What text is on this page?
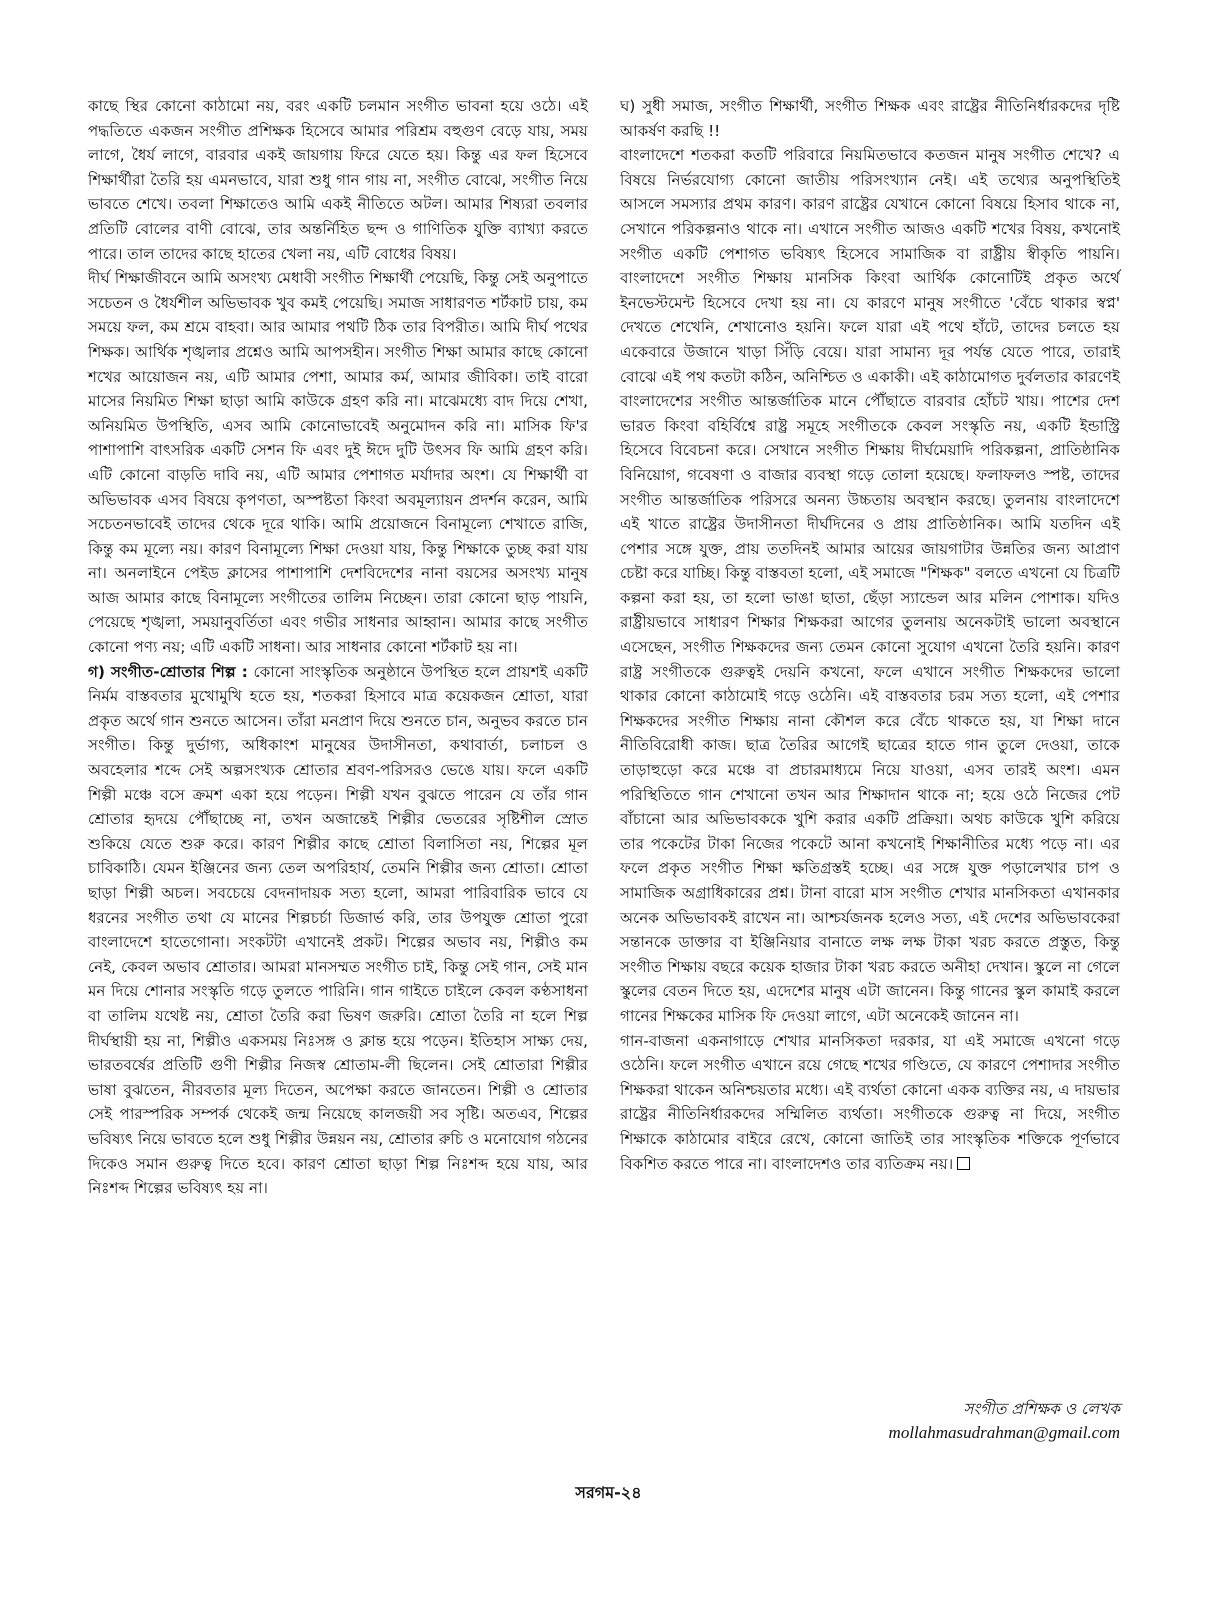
কাছে স্থির কোনো কাঠামো নয়, বরং একটি চলমান সংগীত ভাবনা হয়ে ওঠে। এই পদ্ধতিতে একজন সংগীত প্রশিক্ষক হিসেবে আমার পরিশ্রম বহুগুণ বেড়ে যায়, সময় লাগে, ধৈর্য লাগে, বারবার একই জায়গায় ফিরে যেতে হয়। কিন্তু এর ফল হিসেবে শিক্ষার্থীরা তৈরি হয় এমনভাবে, যারা শুধু গান গায় না, সংগীত বোঝে, সংগীত নিয়ে ভাবতে শেখে। তবলা শিক্ষাতেও আমি একই নীতিতে অটল। আমার শিষ্যরা তবলার প্রতিটি বোলের বাণী বোঝে, তার অন্তর্নিহিত ছন্দ ও গাণিতিক যুক্তি ব্যাখ্যা করতে পারে। তাল তাদের কাছে হাতের খেলা নয়, এটি বোধের বিষয়।

দীর্ঘ শিক্ষাজীবনে আমি অসংখ্য মেধাবী সংগীত শিক্ষার্থী পেয়েছি, কিন্তু সেই অনুপাতে সচেতন ও ধৈর্যশীল অভিভাবক খুব কমই পেয়েছি। সমাজ সাধারণত শর্টকাট চায়, কম সময়ে ফল, কম শ্রমে বাহবা। আর আমার পথটি ঠিক তার বিপরীত। আমি দীর্ঘ পথের শিক্ষক। আর্থিক শৃঙ্খলার প্রশ্নেও আমি আপসহীন। সংগীত শিক্ষা আমার কাছে কোনো শখের আয়োজন নয়, এটি আমার পেশা, আমার কর্ম, আমার জীবিকা। তাই বারো মাসের নিয়মিত শিক্ষা ছাড়া আমি কাউকে গ্রহণ করি না। মাঝেমধ্যে বাদ দিয়ে শেখা, অনিয়মিত উপস্থিতি, এসব আমি কোনোভাবেই অনুমোদন করি না। মাসিক ফি'র পাশাপাশি বাৎসরিক একটি সেশন ফি এবং দুই ঈদে দুটি উৎসব ফি আমি গ্রহণ করি। এটি কোনো বাড়তি দাবি নয়, এটি আমার পেশাগত মর্যাদার অংশ। যে শিক্ষার্থী বা অভিভাবক এসব বিষয়ে কৃপণতা, অস্পষ্টতা কিংবা অবমূল্যায়ন প্রদর্শন করেন, আমি সচেতনভাবেই তাদের থেকে দূরে থাকি। আমি প্রয়োজনে বিনামূল্যে শেখাতে রাজি, কিন্তু কম মূল্যে নয়। কারণ বিনামূল্যে শিক্ষা দেওয়া যায়, কিন্তু শিক্ষাকে তুচ্ছ করা যায় না। অনলাইনে পেইড ক্লাসের পাশাপাশি দেশবিদেশের নানা বয়সের অসংখ্য মানুষ আজ আমার কাছে বিনামূল্যে সংগীতের তালিম নিচ্ছেন। তারা কোনো ছাড় পায়নি, পেয়েছে শৃঙ্খলা, সময়ানুবর্তিতা এবং গভীর সাধনার আহ্বান। আমার কাছে সংগীত কোনো পণ্য নয়; এটি একটি সাধনা। আর সাধনার কোনো শর্টকাট হয় না।

গ) সংগীত-শ্রোতার শিল্প : কোনো সাংস্কৃতিক অনুষ্ঠানে উপস্থিত হলে প্রায়শই একটি নির্মম বাস্তবতার মুখোমুখি হতে হয়, শতকরা হিসাবে মাত্র কয়েকজন শ্রোতা, যারা প্রকৃত অর্থে গান শুনতে আসেন। তাঁরা মনপ্রাণ দিয়ে শুনতে চান, অনুভব করতে চান সংগীত। কিন্তু দুর্ভাগ্য, অধিকাংশ মানুষের উদাসীনতা, কথাবার্তা, চলাচল ও অবহেলার শব্দে সেই অল্পসংখ্যক শ্রোতার শ্রবণ-পরিসরও ভেঙে যায়। ফলে একটি শিল্পী মঞ্চে বসে ক্রমশ একা হয়ে পড়েন। শিল্পী যখন বুঝতে পারেন যে তাঁর গান শ্রোতার হৃদয়ে পৌঁছাচ্ছে না, তখন অজান্তেই শিল্পীর ভেতরের সৃষ্টিশীল স্রোত শুকিয়ে যেতে শুরু করে। কারণ শিল্পীর কাছে শ্রোতা বিলাসিতা নয়, শিল্পের মূল চাবিকাঠি। যেমন ইঞ্জিনের জন্য তেল অপরিহার্য, তেমনি শিল্পীর জন্য শ্রোতা। শ্রোতা ছাড়া শিল্পী অচল। সবচেয়ে বেদনাদায়ক সত্য হলো, আমরা পারিবারিক ভাবে যে ধরনের সংগীত তথা যে মানের শিল্পচর্চা ডিজার্ভ করি, তার উপযুক্ত শ্রোতা পুরো বাংলাদেশে হাতেগোনা। সংকটটা এখানেই প্রকট। শিল্পের অভাব নয়, শিল্পীও কম নেই, কেবল অভাব শ্রোতার। আমরা মানসম্মত সংগীত চাই, কিন্তু সেই গান, সেই মান মন দিয়ে শোনার সংস্কৃতি গড়ে তুলতে পারিনি। গান গাইতে চাইলে কেবল কণ্ঠসাধনা বা তালিম যথেষ্ট নয়, শ্রোতা তৈরি করা ভিষণ জরুরি। শ্রোতা তৈরি না হলে শিল্প দীর্ঘস্থায়ী হয় না, শিল্পীও একসময় নিঃসঙ্গ ও ক্লান্ত হয়ে পড়েন। ইতিহাস সাক্ষ্য দেয়, ভারতবর্ষের প্রতিটি গুণী শিল্পীর নিজস্ব শ্রোতাম-লী ছিলেন। সেই শ্রোতারা শিল্পীর ভাষা বুঝতেন, নীরবতার মূল্য দিতেন, অপেক্ষা করতে জানতেন। শিল্পী ও শ্রোতার সেই পারস্পরিক সম্পর্ক থেকেই জন্ম নিয়েছে কালজয়ী সব সৃষ্টি। অতএব, শিল্পের ভবিষ্যৎ নিয়ে ভাবতে হলে শুধু শিল্পীর উন্নয়ন নয়, শ্রোতার রুচি ও মনোযোগ গঠনের দিকেও সমান গুরুত্ব দিতে হবে। কারণ শ্রোতা ছাড়া শিল্প নিঃশব্দ হয়ে যায়, আর নিঃশব্দ শিল্পের ভবিষ্যৎ হয় না।

ঘ) সুধী সমাজ, সংগীত শিক্ষার্থী, সংগীত শিক্ষক এবং রাষ্ট্রের নীতিনির্ধারকদের দৃষ্টি আকর্ষণ করছি !!

বাংলাদেশে শতকরা কতটি পরিবারে নিয়মিতভাবে কতজন মানুষ সংগীত শেখে? এ বিষয়ে নির্ভরযোগ্য কোনো জাতীয় পরিসংখ্যান নেই। এই তথ্যের অনুপস্থিতিই আসলে সমস্যার প্রথম কারণ। কারণ রাষ্ট্রের যেখানে কোনো বিষয়ে হিসাব থাকে না, সেখানে পরিকল্পনাও থাকে না। এখানে সংগীত আজও একটি শখের বিষয়, কখনোই সংগীত একটি পেশাগত ভবিষ্যৎ হিসেবে সামাজিক বা রাষ্ট্রীয় স্বীকৃতি পায়নি। বাংলাদেশে সংগীত শিক্ষায় মানসিক কিংবা আর্থিক কোনোটিই প্রকৃত অর্থে ইনভেস্টমেন্ট হিসেবে দেখা হয় না। যে কারণে মানুষ সংগীতে 'বেঁচে থাকার স্বপ্ন' দেখতে শেখেনি, শেখানোও হয়নি। ফলে যারা এই পথে হাঁটে, তাদের চলতে হয় একেবারে উজানে খাড়া সিঁড়ি বেয়ে। যারা সামান্য দূর পর্যন্ত যেতে পারে, তারাই বোঝে এই পথ কতটা কঠিন, অনিশ্চিত ও একাকী। এই কাঠামোগত দুর্বলতার কারণেই বাংলাদেশের সংগীত আন্তর্জাতিক মানে পৌঁছাতে বারবার হোঁচট খায়। পাশের দেশ ভারত কিংবা বহির্বিশ্বে রাষ্ট্র সমূহে সংগীতকে কেবল সংস্কৃতি নয়, একটি ইন্ডাস্ট্রি হিসেবে বিবেচনা করে। সেখানে সংগীত শিক্ষায় দীর্ঘমেয়াদি পরিকল্পনা, প্রাতিষ্ঠানিক বিনিয়োগ, গবেষণা ও বাজার ব্যবস্থা গড়ে তোলা হয়েছে। ফলাফলও স্পষ্ট, তাদের সংগীত আন্তর্জাতিক পরিসরে অনন্য উচ্চতায় অবস্থান করছে। তুলনায় বাংলাদেশে এই খাতে রাষ্ট্রের উদাসীনতা দীর্ঘদিনের ও প্রায় প্রাতিষ্ঠানিক। আমি যতদিন এই পেশার সঙ্গে যুক্ত, প্রায় ততদিনই আমার আয়ের জায়গাটার উন্নতির জন্য আপ্রাণ চেষ্টা করে যাচ্ছি। কিন্তু বাস্তবতা হলো, এই সমাজে "শিক্ষক" বলতে এখনো যে চিত্রটি কল্পনা করা হয়, তা হলো ভাঙা ছাতা, ছেঁড়া স্যান্ডেল আর মলিন পোশাক। যদিও রাষ্ট্রীয়ভাবে সাধারণ শিক্ষার শিক্ষকরা আগের তুলনায় অনেকটাই ভালো অবস্থানে এসেছেন, সংগীত শিক্ষকদের জন্য তেমন কোনো সুযোগ এখনো তৈরি হয়নি। কারণ রাষ্ট্র সংগীতকে গুরুত্বই দেয়নি কখনো, ফলে এখানে সংগীত শিক্ষকদের ভালো থাকার কোনো কাঠামোই গড়ে ওঠেনি। এই বাস্তবতার চরম সত্য হলো, এই পেশার শিক্ষকদের সংগীত শিক্ষায় নানা কৌশল করে বেঁচে থাকতে হয়, যা শিক্ষা দানে নীতিবিরোধী কাজ। ছাত্র তৈরির আগেই ছাত্রের হাতে গান তুলে দেওয়া, তাকে তাড়াহুড়ো করে মঞ্চে বা প্রচারমাধ্যমে নিয়ে যাওয়া, এসব তারই অংশ। এমন পরিস্থিতিতে গান শেখানো তখন আর শিক্ষাদান থাকে না; হয়ে ওঠে নিজের পেট বাঁচানো আর অভিভাবককে খুশি করার একটি প্রক্রিয়া। অথচ কাউকে খুশি করিয়ে তার পকেটের টাকা নিজের পকেটে আনা কখনোই শিক্ষানীতির মধ্যে পড়ে না। এর ফলে প্রকৃত সংগীত শিক্ষা ক্ষতিগ্রস্তই হচ্ছে। এর সঙ্গে যুক্ত পড়ালেখার চাপ ও সামাজিক অগ্রাধিকারের প্রশ্ন। টানা বারো মাস সংগীত শেখার মানসিকতা এখানকার অনেক অভিভাবকই রাখেন না। আশ্চর্যজনক হলেও সত্য, এই দেশের অভিভাবকেরা সন্তানকে ডাক্তার বা ইঞ্জিনিয়ার বানাতে লক্ষ লক্ষ টাকা খরচ করতে প্রস্তুত, কিন্তু সংগীত শিক্ষায় বছরে কয়েক হাজার টাকা খরচ করতে অনীহা দেখান। স্কুলে না গেলে স্কুলের বেতন দিতে হয়, এদেশের মানুষ এটা জানেন। কিন্তু গানের স্কুল কামাই করলে গানের শিক্ষকের মাসিক ফি দেওয়া লাগে, এটা অনেকেই জানেন না।

গান-বাজনা একনাগাড়ে শেখার মানসিকতা দরকার, যা এই সমাজে এখনো গড়ে ওঠেনি। ফলে সংগীত এখানে রয়ে গেছে শখের গণ্ডিতে, যে কারণে পেশাদার সংগীত শিক্ষকরা থাকেন অনিশ্চয়তার মধ্যে। এই ব্যর্থতা কোনো একক ব্যক্তির নয়, এ দায়ভার রাষ্ট্রের নীতিনির্ধারকদের সম্মিলিত ব্যর্থতা। সংগীতকে গুরুত্ব না দিয়ে, সংগীত শিক্ষাকে কাঠামোর বাইরে রেখে, কোনো জাতিই তার সাংস্কৃতিক শক্তিকে পূর্ণভাবে বিকশিত করতে পারে না। বাংলাদেশও তার ব্যতিক্রম নয়।

সংগীত প্রশিক্ষক ও লেখক
mollahmasudrahman@gmail.com
সরগম-২৪
